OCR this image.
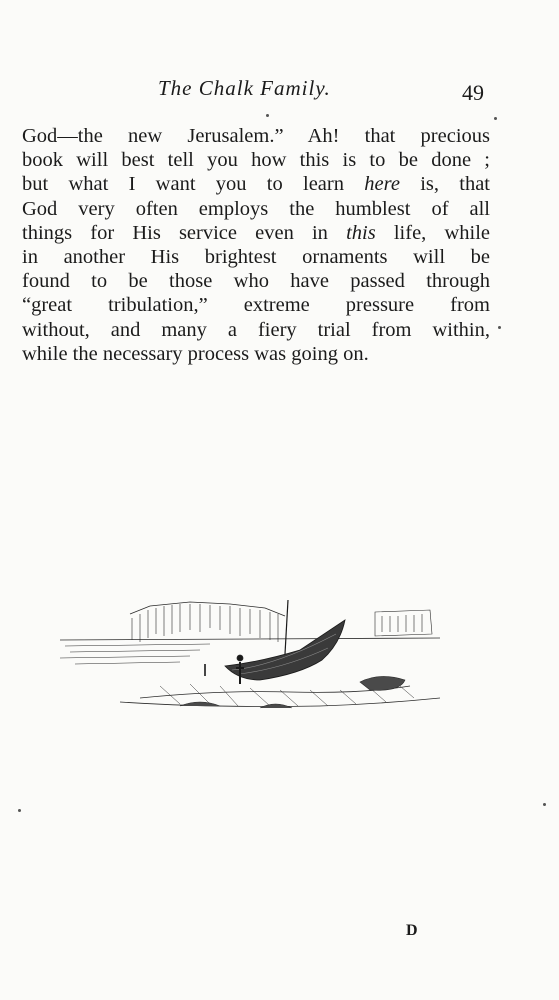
The Chalk Family.	49
God—the new Jerusalem.” Ah! that precious
book will best tell you how this is to be done ;
but what I want you to learn here is, that
God very often employs the humblest of all
things for His service even in this life, while
in another His brightest ornaments will be
found to be those who have passed through
“great tribulation,” extreme pressure from
without, and many a fiery trial from within,
while the necessary process was going on.
D
